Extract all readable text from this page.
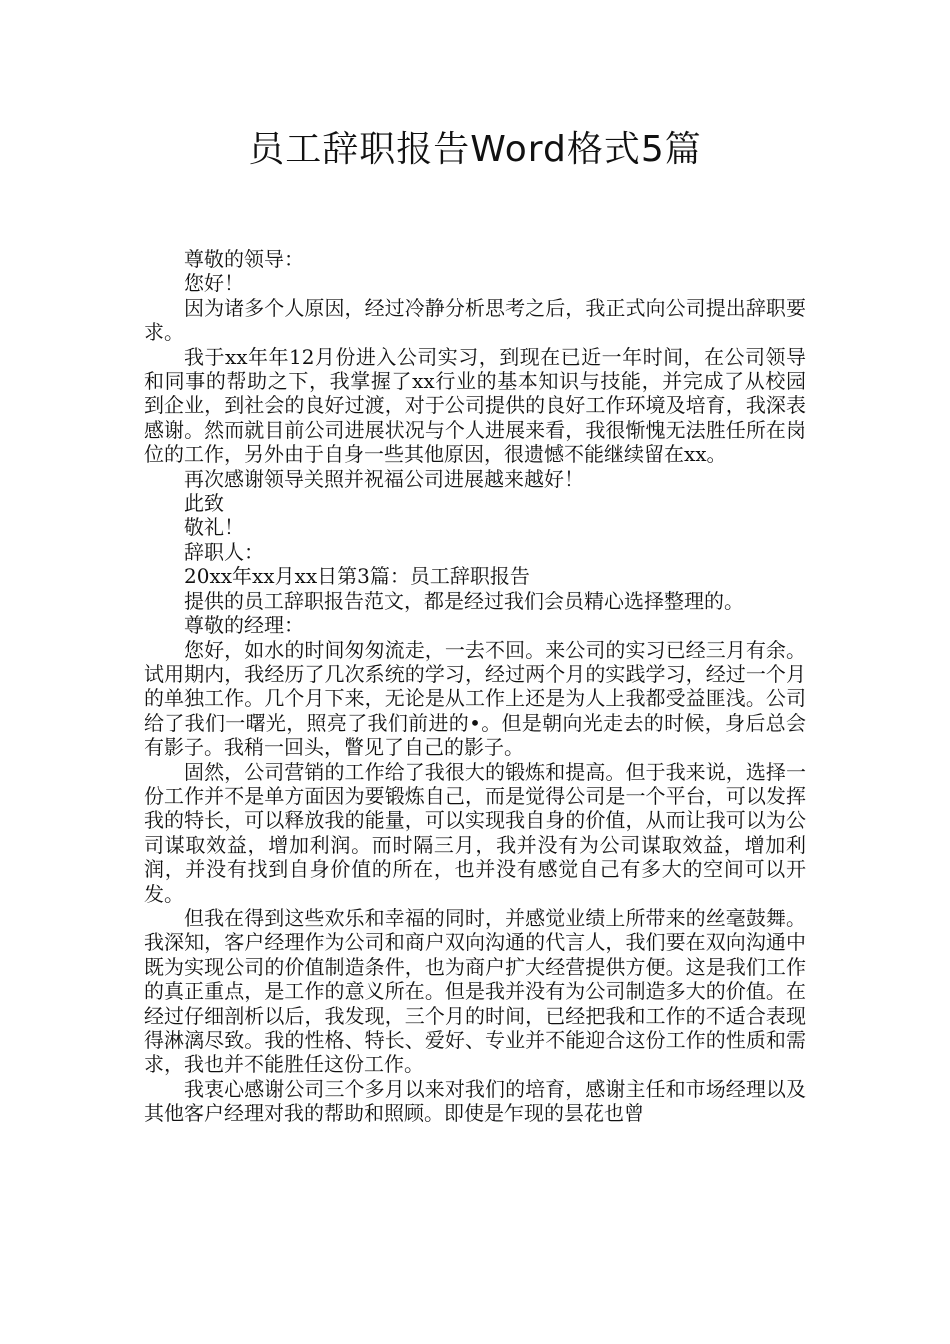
员工辞职报告Word格式5篇

尊敬的领导：

您好！

因为诸多个人原因，经过冷静分析思考之后，我正式向公司提出辞职要求。

我于xx年年12月份进入公司实习，到现在已近一年时间，在公司领导和同事的帮助之下，我掌握了xx行业的基本知识与技能，并完成了从校园到企业，到社会的良好过渡，对于公司提供的良好工作环境及培育，我深表感谢。然而就目前公司进展状况与个人进展来看，我很惭愧无法胜任所在岗位的工作，另外由于自身一些其他原因，很遗憾不能继续留在xx。

再次感谢领导关照并祝福公司进展越来越好！

此致

敬礼！

辞职人：

20xx年xx月xx日第3篇：员工辞职报告

提供的员工辞职报告范文，都是经过我们会员精心选择整理的。

尊敬的经理：

您好，如水的时间匆匆流走，一去不回。来公司的实习已经三月有余。试用期内，我经历了几次系统的学习，经过两个月的实践学习，经过一个月的单独工作。几个月下来，无论是从工作上还是为人上我都受益匪浅。公司给了我们一曙光，照亮了我们前进的•。但是朝向光走去的时候，身后总会有影子。我稍一回头，瞥见了自己的影子。

固然，公司营销的工作给了我很大的锻炼和提高。但于我来说，选择一份工作并不是单方面因为要锻炼自己，而是觉得公司是一个平台，可以发挥我的特长，可以释放我的能量，可以实现我自身的价值，从而让我可以为公司谋取效益，增加利润。而时隔三月，我并没有为公司谋取效益，增加利润，并没有找到自身价值的所在，也并没有感觉自己有多大的空间可以开发。

但我在得到这些欢乐和幸福的同时，并感觉业绩上所带来的丝毫鼓舞。我深知，客户经理作为公司和商户双向沟通的代言人，我们要在双向沟通中既为实现公司的价值制造条件，也为商户扩大经营提供方便。这是我们工作的真正重点，是工作的意义所在。但是我并没有为公司制造多大的价值。在经过仔细剖析以后，我发现，三个月的时间，已经把我和工作的不适合表现得淋漓尽致。我的性格、特长、爱好、专业并不能迎合这份工作的性质和需求，我也并不能胜任这份工作。

我衷心感谢公司三个多月以来对我们的培育，感谢主任和市场经理以及其他客户经理对我的帮助和照顾。即使是乍现的昙花也曾
